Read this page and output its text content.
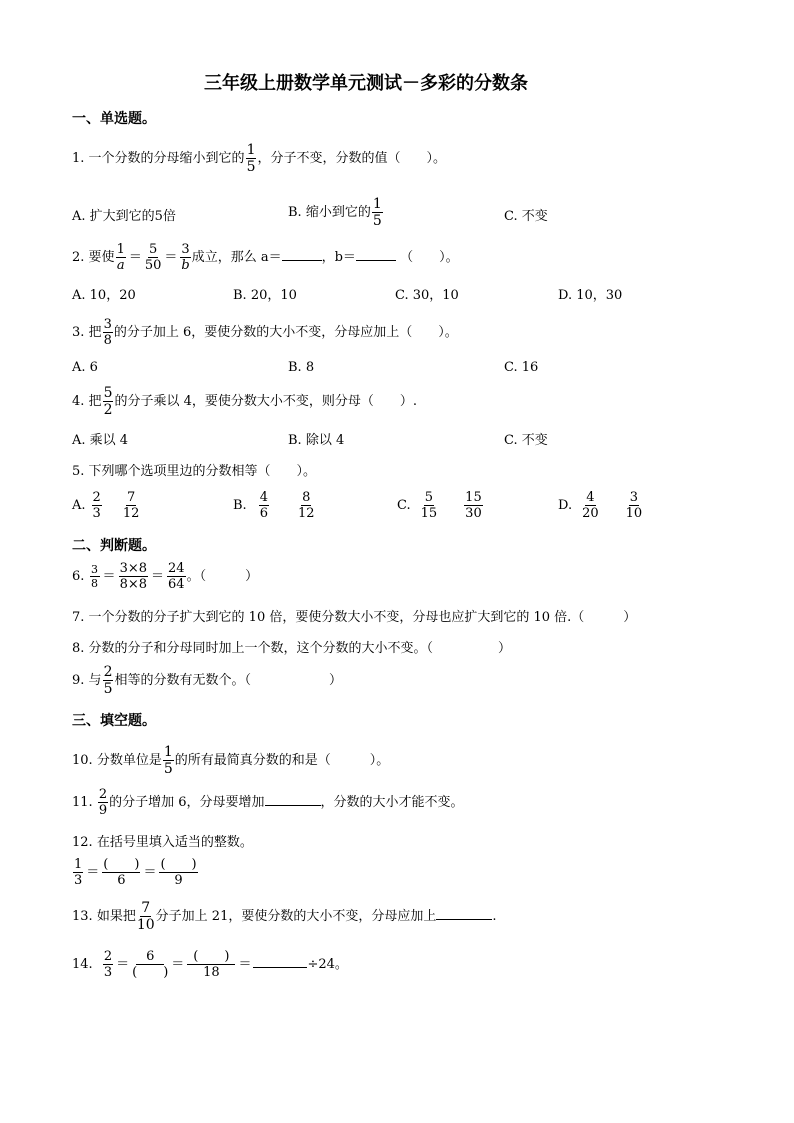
三年级上册数学单元测试－多彩的分数条
一、单选题。
1. 一个分数的分母缩小到它的 $\frac{1}{5}$ ，分子不变，分数的值（　　）。
A. 扩大到它的5倍	B. 缩小到它的 $\frac{1}{5}$	C. 不变
2. 要使 $\frac{1}{a} = \frac{5}{50} = \frac{3}{b}$ 成立，那么 a＝	，b＝	（　　）。
A. 10，20	B. 20，10	C. 30，10	D. 10，30
3. 把 $\frac{3}{8}$ 的分子加上 6，要使分数的大小不变，分母应加上（　　）。
A. 6	B. 8	C. 16
4. 把 $\frac{5}{2}$ 的分子乘以 4，要使分数大小不变，则分母（　　）.
A. 乘以 4	B. 除以 4	C. 不变
5. 下列哪个选项里边的分数相等（　　）。
A. $\frac{2}{3} \frac{7}{12}$	B. $\frac{4}{6} \frac{8}{12}$	C. $\frac{5}{15} \frac{15}{30}$	D. $\frac{4}{20} \frac{3}{10}$
二、判断题。
6. $\frac{3}{8} = \frac{3\times 8}{8\times 8} = \frac{24}{64}$ 。（　　　）
7. 一个分数的分子扩大到它的 10 倍，要使分数大小不变，分母也应扩大到它的 10 倍.（　　　）
8. 分数的分子和分母同时加上一个数，这个分数的大小不变。（　　　　　）
9. 与 $\frac{2}{5}$ 相等的分数有无数个。（　　　　　　）
三、填空题。
10. 分数单位是 $\frac{1}{5}$ 的所有最简真分数的和是（　　　）。
11. $\frac{2}{9}$ 的分子增加 6，分母要增加	，分数的大小才能不变。
12. 在括号里填入适当的整数。
$\frac{1}{3} = \frac{( )}{6} = \frac{( )}{9}$
13. 如果把 $\frac{7}{10}$ 分子加上 21，要使分数的大小不变，分母应加上	.
14. $\frac{2}{3} = \frac{6}{( )} = \frac{( )}{18}$ ＝	÷24。
